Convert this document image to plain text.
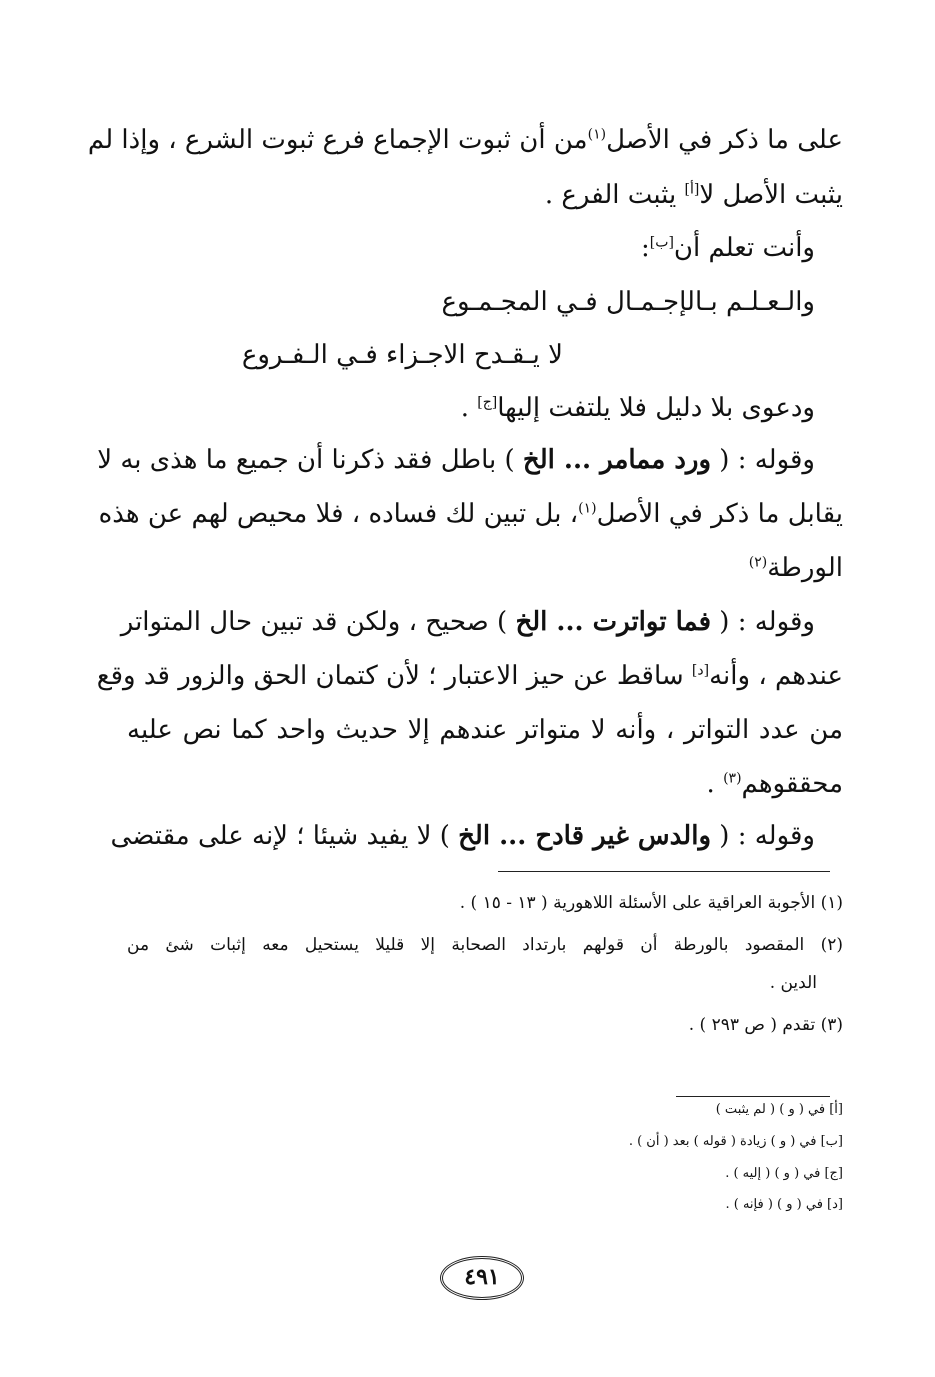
على ما ذكر في الأصل$^{(١)}$من أن ثبوت الإجماع فرع ثبوت الشرع ، وإذا لم
يثبت الأصل لا[أ] يثبت الفرع .
وأنت تعلم أن[ب]:
والـعـلـم بـالإجـمـال فـي المجـمـوع
لا يـقـدح الاجـزاء فـي الـفـروع
ودعوى بلا دليل فلا يلتفت إليها[ج] .
وقوله : ( ورد ممامر ... الخ ) باطل فقد ذكرنا أن جميع ما هذى به لا
يقابل ما ذكر في الأصل$^{(١)}$، بل تبين لك فساده ، فلا محيص لهم عن هذه
الورطة$^{(٢)}$
وقوله : ( فما تواترت ... الخ ) صحيح ، ولكن قد تبين حال المتواتر
عندهم ، وأنه[د] ساقط عن حيز الاعتبار ؛ لأن كتمان الحق والزور قد وقع
من عدد التواتر ، وأنه لا متواتر عندهم إلا حديث واحد كما نص عليه
محققوهم$^{(٣)}$ .
وقوله : ( والدس غير قادح ... الخ ) لا يفيد شيئا ؛ لإنه على مقتضى
(١) الأجوبة العراقية على الأسئلة اللاهورية ( ١٣ - ١٥ ) .
(٢) المقصود بالورطة أن قولهم بارتداد الصحابة إلا قليلا يستحيل معه إثبات شئ من
الدين .
(٣) تقدم ( ص ٢٩٣ ) .
[أ] في ( و ) ( لم يثبت )
[ب] في ( و ) زيادة ( قوله ) بعد ( أن ) .
[ج] في ( و ) ( إليه ) .
[د] في ( و ) ( فإنه ) .
٤٩١
